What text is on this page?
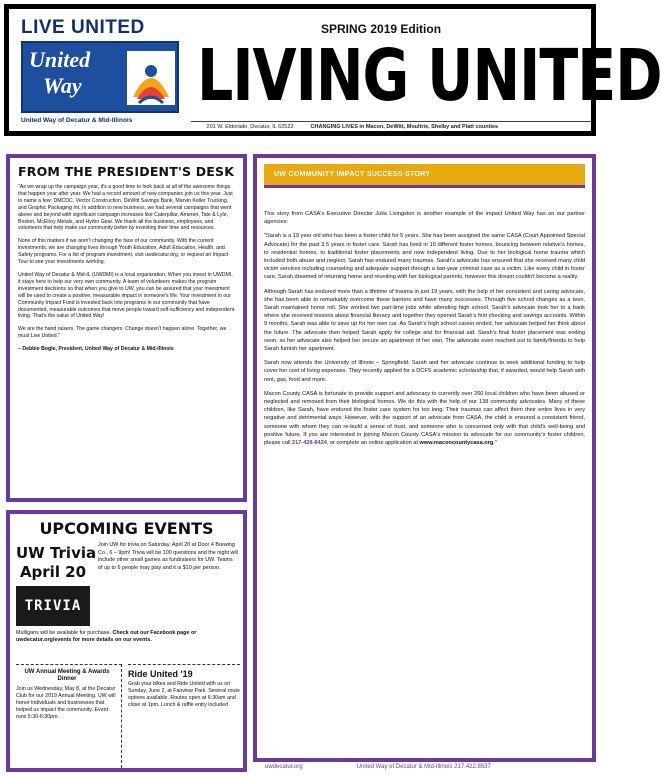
LIVE UNITED
United
Way
United Way of Decatur & Mid-Illinois
SPRING 2019 Edition
LIVING UNITED
201 W. Eldorado, Decatur, IL 62522	CHANGING LIVES in Macon, DeWitt, Moultrie, Shelby and Piatt counties
FROM THE PRESIDENT'S DESK

"As we wrap up the campaign year, it's a good time to look back at all of the awesome things that happen year after year. We had a record amount of new companies join us this year. Just to name a few: DMCDC, Vector Construction, DeWitt Savings Bank, Marvin Keller Trucking, and Graphic Packaging Int. In addition to new business, we had several campaigns that went above and beyond with significant campaign increases like Caterpillar, Ameren, Tate & Lyle, Boston, McElroy Metals, and Hydro Gear. We thank all the business, employees, and volunteers that help make our community better by investing their time and resources.

None of this matters if we aren't changing the face of our community. With the current investments, we are changing lives through Youth Education, Adult Education, Health, and Safety programs. For a list of program investment, visit uwdecatur.org, or request an Impact Tour to see your investments working.

United Way of Decatur & Mid-IL (UWDMI) is a local organization. When you invest in UWDMI, it stays here to help our very own community. A team of volunteers makes the program investment decisions so that when you give to UW, you can be assured that your investment will be used to create a positive, measurable impact in someone's life. Your investment in our Community Impact Fund is invested back into programs in our community that have documented, measurable outcomes that move people toward self-sufficiency and independent living. That's the value of United Way!

We are the hand raisers. The game changers. Change doesn't happen alone. Together, we must Live United."

– Debbie Bogle, President, United Way of Decatur & Mid-Illinois

UPCOMING EVENTS
UW Trivia
April 20
TRIVIA
Join UW for trivia on Saturday, April 20 at Door 4 Brewing Co., 6 – 9pm! Trivia will be 100 questions and the night will include other small games as fundraisers for UW. Teams of up to 6 people may play and it is $10 per person.
Mulligans will be available for purchase. Check out our Facebook page or uwdecatur.org/events for more details on our events.
UW Annual Meeting & Awards Dinner

Join us Wednesday, May 8, at the Decatur Club for our 2019 Annual Meeting. UW will honor individuals and businesses that helped us impact the community. Event runs 5:30-6:30pm.

Ride United '19

Grab your bikes and Ride United with us on Sunday, June 2, at Fairview Park. Several route options available. Routes open at 6:30am and close at 1pm. Lunch & raffle entry included

UW COMMUNITY IMPACT SUCCESS STORY

This story from CASA's Executive Director Julia Livingston is another example of the impact United Way has on our partner agencies:

"Sarah is a 19 year old who has been a foster child for 5 years. She has been assigned the same CASA (Court Appointed Special Advocate) for the past 3.5 years in foster care. Sarah has lived in 10 different foster homes, bouncing between relative's homes, to residential homes, to traditional foster placements and now independent living. Due to her biological home trauma which included both abuse and neglect, Sarah has endured many traumas. Sarah's advocate has ensured that she received many child victim services including counseling and adequate support through a two-year criminal case as a victim. Like every child in foster care, Sarah dreamed of returning home and reuniting with her biological parents, however this dream couldn't become a reality.

Although Sarah has endured more than a lifetime of trauma in just 19 years, with the help of her consistent and caring advocate, she has been able to remarkably overcome these barriers and have many successes. Through five school changes as a teen, Sarah maintained honor roll. She worked two part-time jobs while attending high school. Sarah's advocate took her to a bank where she received lessons about financial literacy and together they opened Sarah's first checking and savings accounts. Within 9 months, Sarah was able to save up for her own car. As Sarah's high school career ended, her advocate helped her think about the future. The advocate then helped Sarah apply for college and for financial aid. Sarah's final foster placement was ending soon, so her advocate also helped her secure an apartment of her own. The advocate even reached out to family/friends to help Sarah furnish her apartment.

Sarah now attends the University of Illinois – Springfield. Sarah and her advocate continue to seek additional funding to help cover her cost of living expenses. They recently applied for a DCFS academic scholarship that, if awarded, would help Sarah with rent, gas, food and more.

Macon County CASA is fortunate to provide support and advocacy to currently over 260 local children who have been abused or neglected and removed from their biological homes. We do this with the help of our 138 community advocates. Many of these children, like Sarah, have endured the foster care system for too long. Their traumas can affect them their entire lives in very negative and detrimental ways. However, with the support of an advocate from CASA, the child is ensured a consistent friend, someone with whom they can re-build a sense of trust, and someone who is concerned only with that child's well-being and positive future. If you are interested in joining Macon County CASA's mission to advocate for our community's foster children, please call 217-428-8424, or complete an online application at www.maconcountycasa.org."

uwdecatur.org	United Way of Decatur & Mid-Illinois 217.422.8537
